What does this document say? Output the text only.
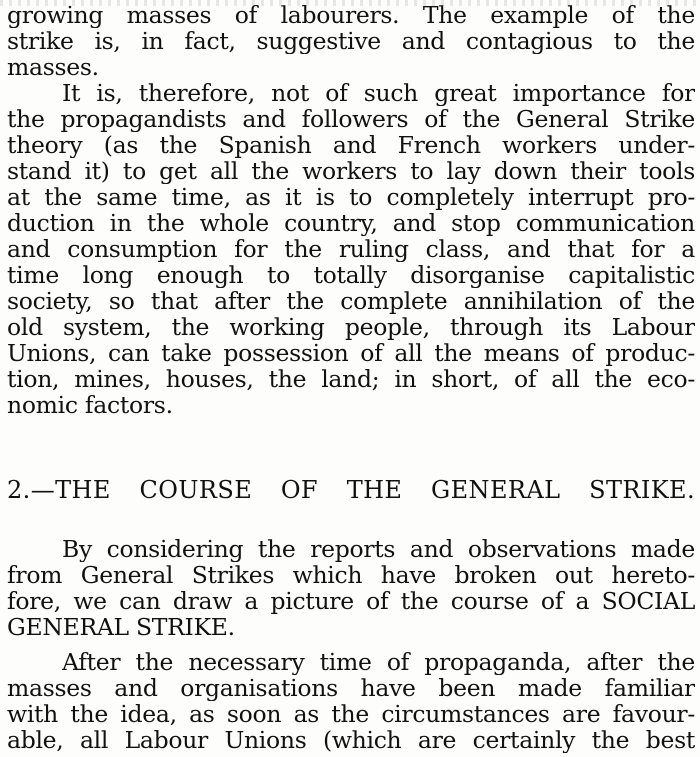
growing masses of labourers. The example of the
strike is, in fact, suggestive and contagious to the
masses.
It is, therefore, not of such great importance for
the propagandists and followers of the General Strike
theory (as the Spanish and French workers under-
stand it) to get all the workers to lay down their tools
at the same time, as it is to completely interrupt pro-
duction in the whole country, and stop communication
and consumption for the ruling class, and that for a
time long enough to totally disorganise capitalistic
society, so that after the complete annihilation of the
old system, the working people, through its Labour
Unions, can take possession of all the means of produc-
tion, mines, houses, the land; in short, of all the eco-
nomic factors.
2.—THE COURSE OF THE GENERAL STRIKE.
By considering the reports and observations made
from General Strikes which have broken out hereto-
fore, we can draw a picture of the course of a SOCIAL
GENERAL STRIKE.
After the necessary time of propaganda, after the
masses and organisations have been made familiar
with the idea, as soon as the circumstances are favour-
able, all Labour Unions (which are certainly the best
